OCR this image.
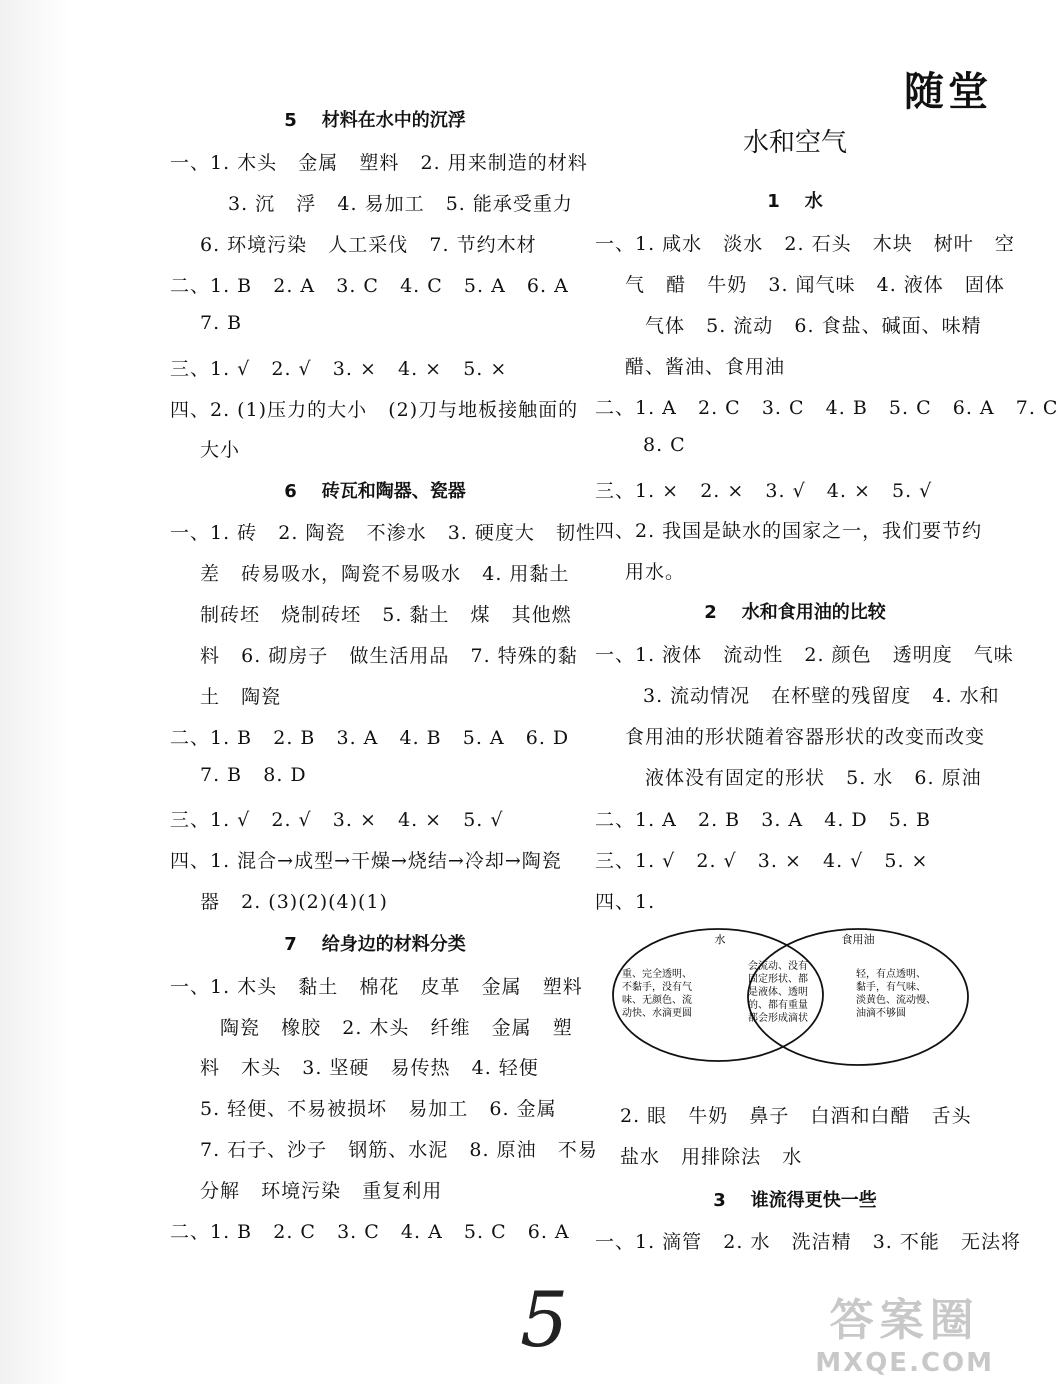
随堂
5    材料在水中的沉浮
一、1. 木头   金属   塑料   2. 用来制造的材料
3. 沉   浮   4. 易加工   5. 能承受重力
6. 环境污染   人工采伐   7. 节约木材
二、1. B   2. A   3. C   4. C   5. A   6. A
7. B
三、1. √   2. √   3. ×   4. ×   5. ×
四、2. (1)压力的大小   (2)刀与地板接触面的
大小
6    砖瓦和陶器、瓷器
一、1. 砖   2. 陶瓷   不渗水   3. 硬度大   韧性
差   砖易吸水，陶瓷不易吸水   4. 用黏土
制砖坯   烧制砖坯   5. 黏土   煤   其他燃
料   6. 砌房子   做生活用品   7. 特殊的黏
土   陶瓷
二、1. B   2. B   3. A   4. B   5. A   6. D
7. B   8. D
三、1. √   2. √   3. ×   4. ×   5. √
四、1. 混合→成型→干燥→烧结→冷却→陶瓷
器   2. (3)(2)(4)(1)
7    给身边的材料分类
一、1. 木头   黏土   棉花   皮革   金属   塑料
陶瓷   橡胶   2. 木头   纤维   金属   塑
料   木头   3. 坚硬   易传热   4. 轻便
5. 轻便、不易被损坏   易加工   6. 金属
7. 石子、沙子   钢筋、水泥   8. 原油   不易
分解   环境污染   重复利用
二、1. B   2. C   3. C   4. A   5. C   6. A
水和空气
1    水
一、1. 咸水   淡水   2. 石头   木块   树叶   空
气   醋   牛奶   3. 闻气味   4. 液体   固体
气体   5. 流动   6. 食盐、碱面、味精
醋、酱油、食用油
二、1. A   2. C   3. C   4. B   5. C   6. A   7. C
8. C
三、1. ×   2. ×   3. √   4. ×   5. √
四、2. 我国是缺水的国家之一，我们要节约
用水。
2    水和食用油的比较
一、1. 液体   流动性   2. 颜色   透明度   气味
3. 流动情况   在杯壁的残留度   4. 水和
食用油的形状随着容器形状的改变而改变
液体没有固定的形状   5. 水   6. 原油
二、1. A   2. B   3. A   4. D   5. B
三、1. √   2. √   3. ×   4. √   5. ×
四、1.
2. 眼   牛奶   鼻子   白酒和白醋   舌头
盐水   用排除法   水
3    谁流得更快一些
一、1. 滴管   2. 水   洗洁精   3. 不能   无法将
水	食用油
重、完全透明、
不黏手，没有气
味、无颜色、流
动快、水滴更圆
会流动、没有
固定形状、都
是液体、透明
的、都有重量
都会形成滴状
轻，有点透明、
黏手，有气味、
淡黄色、流动慢、
油滴不够圆
5	答案圈
MXQE.COM
